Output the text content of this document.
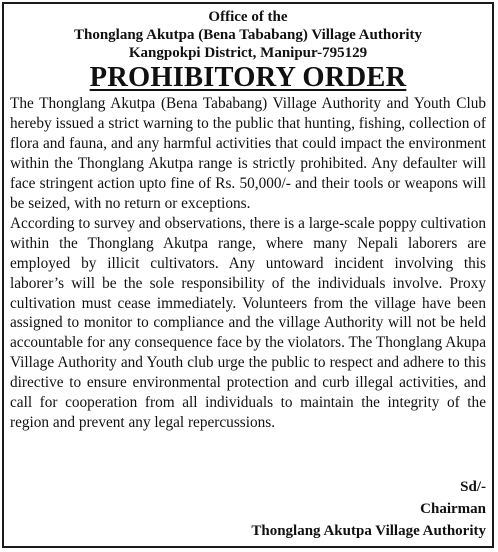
Office of the
Thonglang Akutpa (Bena Tababang) Village Authority
Kangpokpi District, Manipur-795129
PROHIBITORY ORDER

The Thonglang Akutpa (Bena Tababang) Village Authority and Youth Club hereby issued a strict warning to the public that hunting, fishing, collection of flora and fauna, and any harmful activities that could impact the environment within the Thonglang Akutpa range is strictly prohibited. Any defaulter will face stringent action upto fine of Rs. 50,000/- and their tools or weapons will be seized, with no return or exceptions.
According to survey and observations, there is a large-scale poppy cultivation within the Thonglang Akutpa range, where many Nepali laborers are employed by illicit cultivators. Any untoward incident involving this laborer’s will be the sole responsibility of the individuals involve. Proxy cultivation must cease immediately. Volunteers from the village have been assigned to monitor to compliance and the village Authority will not be held accountable for any consequence face by the violators. The Thonglang Akupa Village Authority and Youth club urge the public to respect and adhere to this directive to ensure environmental protection and curb illegal activities, and call for cooperation from all individuals to maintain the integrity of the region and prevent any legal repercussions.

Sd/-
Chairman
Thonglang Akutpa Village Authority
